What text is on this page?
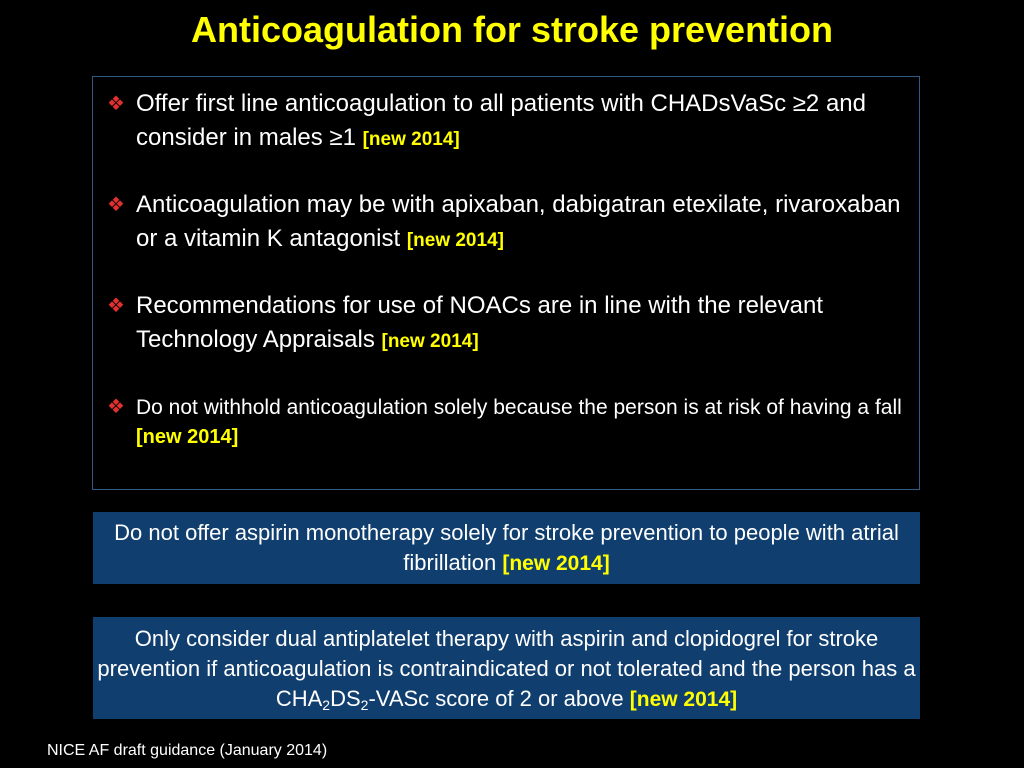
Anticoagulation for stroke prevention
❖ Offer first line anticoagulation to all patients with CHADsVaSc ≥2 and consider in males ≥1 [new 2014]
❖ Anticoagulation may be with apixaban, dabigatran etexilate, rivaroxaban or a vitamin K antagonist [new 2014]
❖ Recommendations for use of NOACs are in line with the relevant Technology Appraisals [new 2014]
❖ Do not withhold anticoagulation solely because the person is at risk of having a fall [new 2014]
Do not offer aspirin monotherapy solely for stroke prevention to people with atrial fibrillation [new 2014]
Only consider dual antiplatelet therapy with aspirin and clopidogrel for stroke prevention if anticoagulation is contraindicated or not tolerated and the person has a $CHA_2DS_2$-VASc score of 2 or above [new 2014]
NICE AF draft guidance (January 2014)
